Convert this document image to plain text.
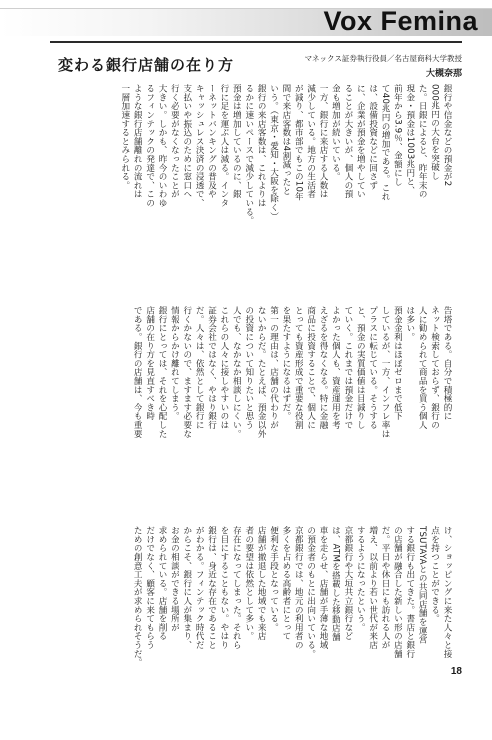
Vox Femina
変わる銀行店舗の在り方	マネックス証券執行役員／名古屋商科大学教授
大槻奈那
銀行や信金などの預金が2
000兆円の大台を突破し
た。日銀によると、昨年末の
現金・預金は1003兆円と、
前年から3.9％、金額にし
て40兆円の増加である。これ
は、設備投資などに回さず
に、企業が預金を増やしてい
ることが大きいが、個人の預
金も増加が続いている。
一方、銀行に来店する人数は
減少している。地方の生活者
が減り、都市部でもこの10年
間で来店客数は4割減ったと
いう。（東京・愛知・大阪を除く）
銀行の来店客数は、これよりは
るかに速いペースで減少している。
預金は増加しているのに、銀
行に足を運ぶ人は減る。インタ
ーネットバンキングの普及や
キャッシュレス決済の浸透で、
支払いや振込のために窓口へ
行く必要がなくなったことが
大きい。しかも、昨今のいわゆ
るフィンテックの発達で、この
ような銀行店舗離れの流れは
一層加速するとみられる。
告塔である。自分で積極的に
ネット検索しておらず、銀行の
人に勧められて商品を買う個人
は多い。
預金金利はほぼゼロまで低下
しているが、一方、インフレ率は
プラスに転じている。そうする
と、預金の実質価値は目減りし
ていく。これまでは預金だけで
よかった個人も、資産運用を考
えざるを得なくなる。特に金融
商品に投資することで、個人に
とっても資産形成で重要な役割
を果たすようになるはずだ。
第一の理由は、店舗の代わりが
ないからだ。たとえば、預金以外
の投資について知りたいと思う
人でも、なかなか相談しにくい。
これらの人々に接しやすいのは
証券会社ではなく、やはり銀行
だ。人々は、依然として銀行に
行くかないので、ますます必要な
情報からかけ離れてしまう。
銀行にとっては、それを心配した
店舗の在り方を見直すべき時
である。銀行の店舗は、今も重要
け、ショッピングに来た人々と接
点を持つことができる。
TSUTAYAとの共同店舗を運営
する銀行も出てきた。書店と銀行
の店舗が融合した新しい形の店舗
だ。平日や休日にも訪れる人が
増え、以前より若い世代が来店
するようになったという。
京都銀行や大垣共立銀行など
は、ATMを搭載した移動店舗
車を走らせ、店舗が手薄な地域
の預金者のもとに出向いている。
京都銀行では、地元の利用者の
多くを占める高齢者にとって
便利な手段となっている。
店舗が撤退した地域でも来店
者の要望は依然として多い。
存在になってしまった。それら
を目にすることもない。やはり
銀行は、身近な存在であること
がわかる。フィンテック時代だ
からこそ、銀行に人が集まり、
お金の相談ができる場所が
求められている。店舗を削る
だけでなく、顧客に来てもらう
ための創意工夫が求められそうだ。
18
